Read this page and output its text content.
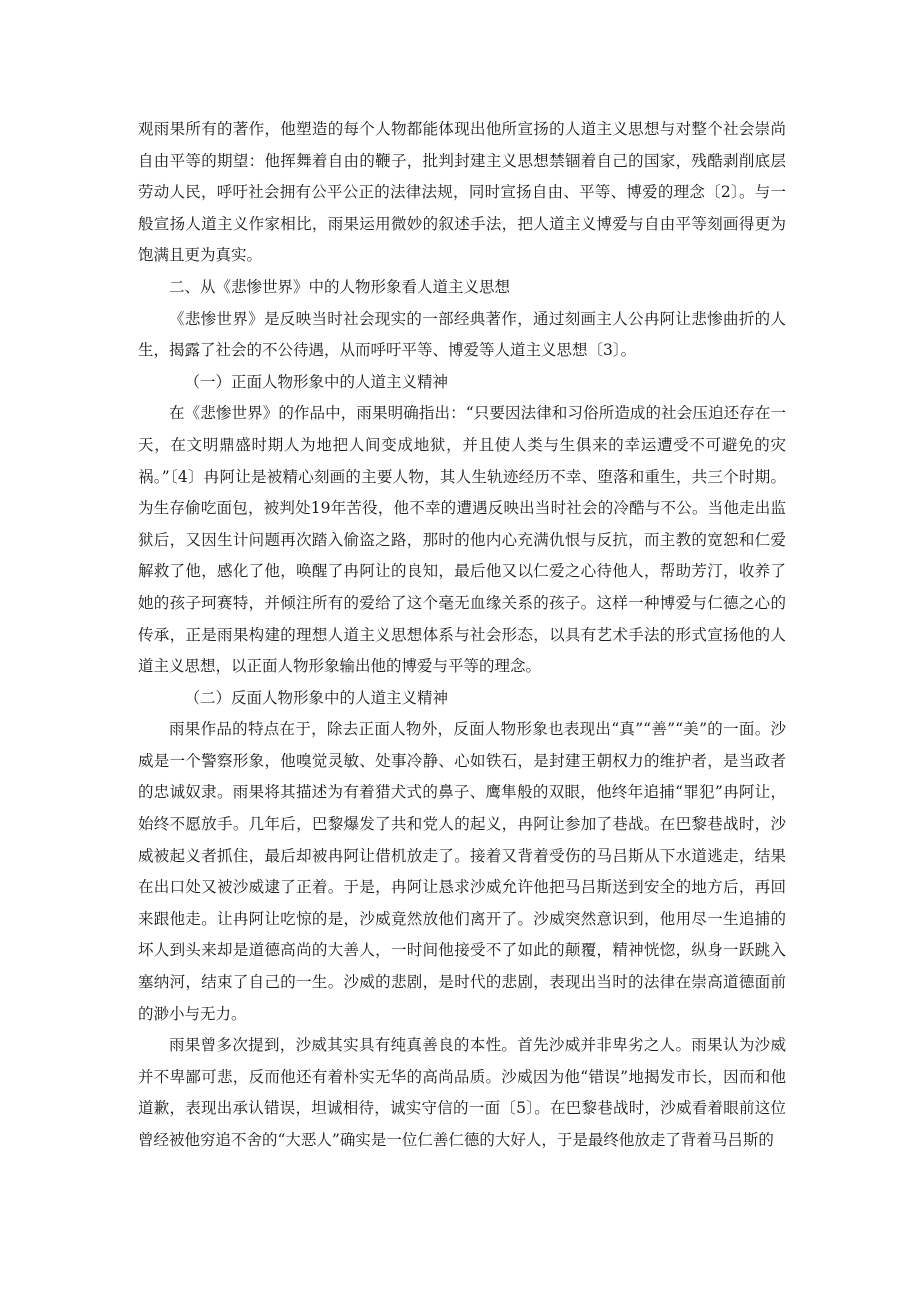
观雨果所有的著作，他塑造的每个人物都能体现出他所宣扬的人道主义思想与对整个社会崇尚自由平等的期望：他挥舞着自由的鞭子，批判封建主义思想禁锢着自己的国家，残酷剥削底层劳动人民，呼吁社会拥有公平公正的法律法规，同时宣扬自由、平等、博爱的理念〔2〕。与一般宣扬人道主义作家相比，雨果运用微妙的叙述手法，把人道主义博爱与自由平等刻画得更为饱满且更为真实。

二、从《悲惨世界》中的人物形象看人道主义思想

《悲惨世界》是反映当时社会现实的一部经典著作，通过刻画主人公冉阿让悲惨曲折的人生，揭露了社会的不公待遇，从而呼吁平等、博爱等人道主义思想〔3〕。

（一）正面人物形象中的人道主义精神

在《悲惨世界》的作品中，雨果明确指出：“只要因法律和习俗所造成的社会压迫还存在一天，在文明鼎盛时期人为地把人间变成地狱，并且使人类与生俱来的幸运遭受不可避免的灾祸。”〔4〕冉阿让是被精心刻画的主要人物，其人生轨迹经历不幸、堕落和重生，共三个时期。为生存偷吃面包，被判处19年苦役，他不幸的遭遇反映出当时社会的冷酷与不公。当他走出监狱后，又因生计问题再次踏入偷盗之路，那时的他内心充满仇恨与反抗，而主教的宽恕和仁爱解救了他，感化了他，唤醒了冉阿让的良知，最后他又以仁爱之心待他人，帮助芳汀，收养了她的孩子珂赛特，并倾注所有的爱给了这个毫无血缘关系的孩子。这样一种博爱与仁德之心的传承，正是雨果构建的理想人道主义思想体系与社会形态，以具有艺术手法的形式宣扬他的人道主义思想，以正面人物形象输出他的博爱与平等的理念。

（二）反面人物形象中的人道主义精神

雨果作品的特点在于，除去正面人物外，反面人物形象也表现出“真”“善”“美”的一面。沙威是一个警察形象，他嗅觉灵敏、处事冷静、心如铁石，是封建王朝权力的维护者，是当政者的忠诚奴隶。雨果将其描述为有着猎犬式的鼻子、鹰隼般的双眼，他终年追捕“罪犯”冉阿让，始终不愿放手。几年后，巴黎爆发了共和党人的起义，冉阿让参加了巷战。在巴黎巷战时，沙威被起义者抓住，最后却被冉阿让借机放走了。接着又背着受伤的马吕斯从下水道逃走，结果在出口处又被沙威逮了正着。于是，冉阿让恳求沙威允许他把马吕斯送到安全的地方后，再回来跟他走。让冉阿让吃惊的是，沙威竟然放他们离开了。沙威突然意识到，他用尽一生追捕的坏人到头来却是道德高尚的大善人，一时间他接受不了如此的颠覆，精神恍惚，纵身一跃跳入塞纳河，结束了自己的一生。沙威的悲剧，是时代的悲剧，表现出当时的法律在崇高道德面前的渺小与无力。

雨果曾多次提到，沙威其实具有纯真善良的本性。首先沙威并非卑劣之人。雨果认为沙威并不卑鄙可悲，反而他还有着朴实无华的高尚品质。沙威因为他“错误”地揭发市长，因而和他道歉，表现出承认错误，坦诚相待，诚实守信的一面〔5〕。在巴黎巷战时，沙威看着眼前这位曾经被他穷追不舍的“大恶人”确实是一位仁善仁德的大好人，于是最终他放走了背着马吕斯的
